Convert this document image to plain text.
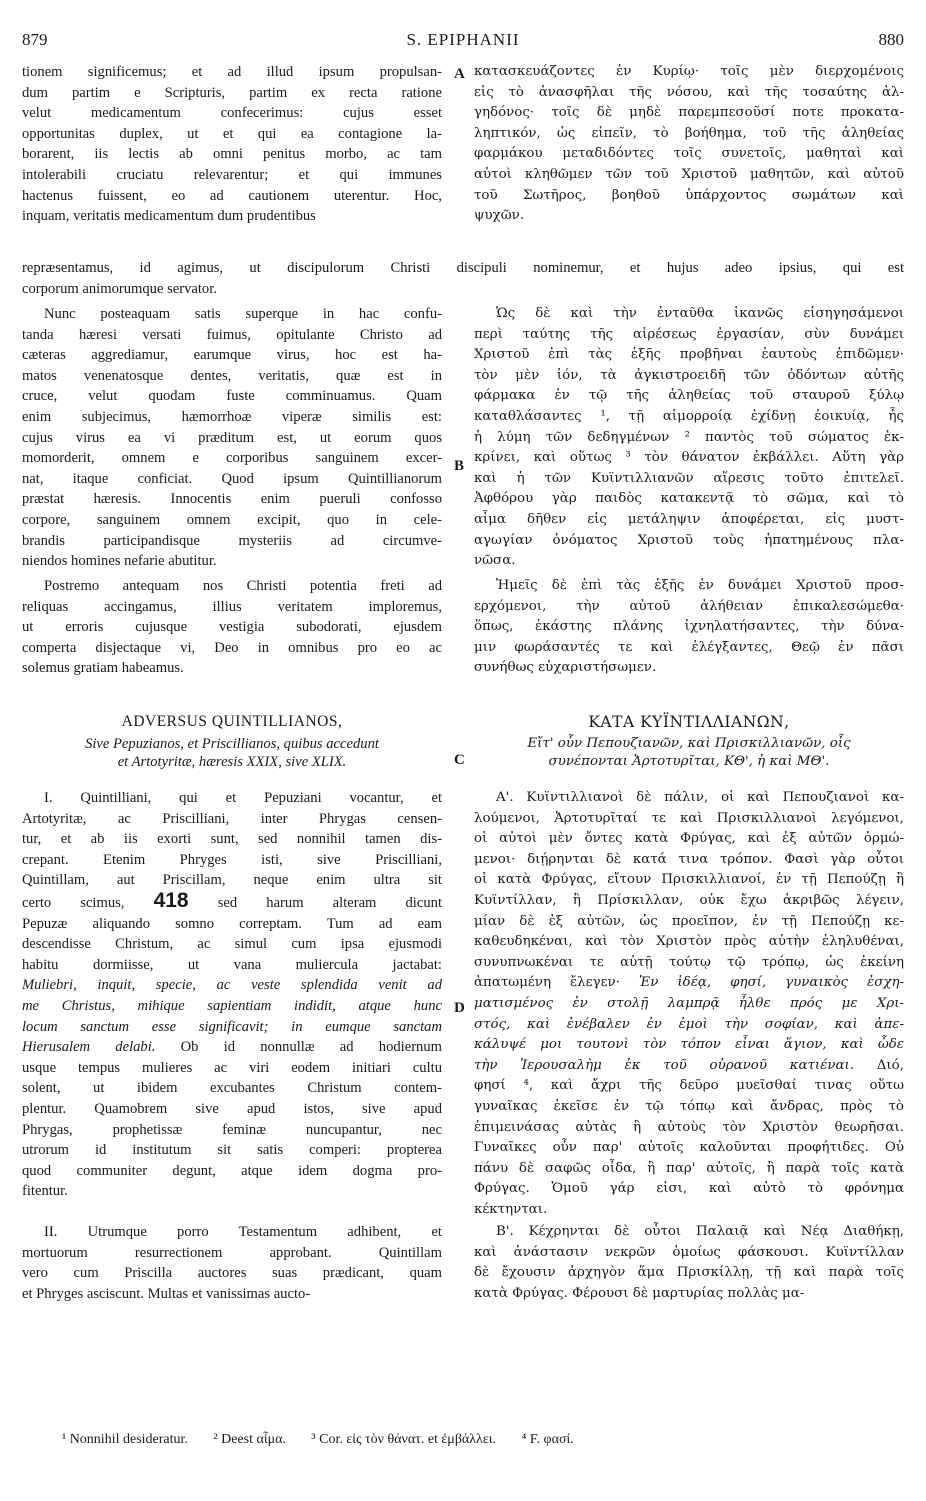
879	S. EPIPHANII	880
A
B
C
D
tionem significemus; et ad illud ipsum propulsan-
dum partim e Scripturis, partim ex recta ratione
velut medicamentum confecerimus: cujus esset
opportunitas duplex, ut et qui ea contagione la-
borarent, iis lectis ab omni penitus morbo, ac tam
intolerabili cruciatu relevarentur; et qui immunes
hactenus fuissent, eo ad cautionem uterentur. Hoc,
inquam, veritatis medicamentum dum prudentibus
κατασκευάζοντες ἐν Κυρίῳ· τοῖς μὲν διερχομένοις
εἰς τὸ ἀνασφῆλαι τῆς νόσου, καὶ τῆς τοσαύτης ἀλ-
γηδόνος· τοῖς δὲ μηδὲ παρεμπεσοῦσί ποτε προκατα-
ληπτικόν, ὡς εἰπεῖν, τὸ βοήθημα, τοῦ τῆς ἀληθείας
φαρμάκου μεταδιδόντες τοῖς συνετοῖς, μαθηταὶ καὶ
αὐτοὶ κληθῶμεν τῶν τοῦ Χριστοῦ μαθητῶν, καὶ αὐτοῦ
τοῦ Σωτῆρος, βοηθοῦ ὑπάρχοντος σωμάτων καὶ
ψυχῶν.
repræsentamus, id agimus, ut discipulorum Christi discipuli nominemur, et hujus adeo ipsius, qui est
corporum animorumque servator.
Nunc posteaquam satis superque in hac confu-
tanda hæresi versati fuimus, opitulante Christo ad
cæteras aggrediamur, earumque virus, hoc est ha-
matos venenatosque dentes, veritatis, quæ est in
cruce, velut quodam fuste comminuamus. Quam
enim subjecimus, hæmorrhoæ viperæ similis est:
cujus virus ea vi præditum est, ut eorum quos
momorderit, omnem e corporibus sanguinem excer-
nat, itaque conficiat. Quod ipsum Quintillianorum
præstat hæresis. Innocentis enim pueruli confosso
corpore, sanguinem omnem excipit, quo in cele-
brandis participandisque mysteriis ad circumve-
niendos homines nefarie abutitur.
Postremo antequam nos Christi potentia freti ad
reliquas accingamus, illius veritatem imploremus,
ut erroris cujusque vestigia subodorati, ejusdem
comperta disjectaque vi, Deo in omnibus pro eo ac
solemus gratiam habeamus.
Ὡς δὲ καὶ τὴν ἐνταῦθα ἱκανῶς εἰσηγησάμενοι
περὶ ταύτης τῆς αἱρέσεως ἐργασίαν, σὺν δυνάμει
Χριστοῦ ἐπὶ τὰς ἑξῆς προβῆναι ἑαυτοὺς ἐπιδῶμεν·
τὸν μὲν ἰόν, τὰ ἀγκιστροειδῆ τῶν ὀδόντων αὐτῆς
φάρμακα ἐν τῷ τῆς ἀληθείας τοῦ σταυροῦ ξύλῳ
καταθλάσαντες ¹, τῇ αἱμορροίᾳ ἐχίδνῃ ἐοικυίᾳ, ἧς
ἡ λύμη τῶν δεδηγμένων ² παντὸς τοῦ σώματος ἐκ-
κρίνει, καὶ οὕτως ³ τὸν θάνατον ἐκβάλλει. Αὕτη γὰρ
καὶ ἡ τῶν Κυϊντιλλιανῶν αἵρεσις τοῦτο ἐπιτελεῖ.
Ἀφθόρου γὰρ παιδὸς κατακεντᾷ τὸ σῶμα, καὶ τὸ
αἷμα δῆθεν εἰς μετάληψιν ἀποφέρεται, εἰς μυστ-
αγωγίαν ὀνόματος Χριστοῦ τοὺς ἠπατημένους πλα-
νῶσα.
Ἡμεῖς δὲ ἐπὶ τὰς ἑξῆς ἐν δυνάμει Χριστοῦ προσ-
ερχόμενοι, τὴν αὐτοῦ ἀλήθειαν ἐπικαλεσώμεθα·
ὅπως, ἑκάστης πλάνης ἰχνηλατήσαντες, τὴν δύνα-
μιν φωράσαντές τε καὶ ἐλέγξαντες, Θεῷ ἐν πᾶσι
συνήθως εὐχαριστήσωμεν.
ADVERSUS QUINTILLIANOS,
Sive Pepuzianos, et Priscillianos, quibus accedunt
et Artotyritæ, hæresis XXIX, sive XLIX.
ΚΑΤΑ ΚΥΪΝΤΙΛΛΙΑΝΩΝ,
Εἴτ' οὖν Πεπουζιανῶν, καὶ Πρισκιλλιανῶν, οἷς
συνέπονται Ἀρτοτυρῖται, ΚΘ', ἡ καὶ ΜΘ'.
I. Quintilliani, qui et Pepuziani vocantur, et
Artotyritæ, ac Priscilliani, inter Phrygas censen-
tur, et ab iis exorti sunt, sed nonnihil tamen dis-
crepant. Etenim Phryges isti, sive Priscilliani,
Quintillam, aut Priscillam, neque enim ultra sit
certo scimus, 418 sed harum alteram dicunt
Pepuzæ aliquando somno correptam. Tum ad eam
descendisse Christum, ac simul cum ipsa ejusmodi
habitu dormiisse, ut vana muliercula jactabat:
Muliebri, inquit, specie, ac veste splendida venit ad
me Christus, mihique sapientiam indidit, atque hunc
locum sanctum esse significavit; in eumque sanctam
Hierusalem delabi. Ob id nonnullæ ad hodiernum
usque tempus mulieres ac viri eodem initiari cultu
solent, ut ibidem excubantes Christum contem-
plentur. Quamobrem sive apud istos, sive apud
Phrygas, prophetissæ feminæ nuncupantur, nec
utrorum id institutum sit satis comperi: propterea
quod communiter degunt, atque idem dogma pro-
fitentur.
II. Utrumque porro Testamentum adhibent, et
mortuorum resurrectionem approbant. Quintillam
vero cum Priscilla auctores suas prædicant, quam
et Phryges asciscunt. Multas et vanissimas aucto-
Α'. Κυϊντιλλιανοὶ δὲ πάλιν, οἱ καὶ Πεπουζιανοὶ κα-
λούμενοι, Ἀρτοτυρῖταί τε καὶ Πρισκιλλιανοὶ λεγόμενοι,
οἱ αὐτοὶ μὲν ὄντες κατὰ Φρύγας, καὶ ἐξ αὐτῶν ὁρμώ-
μενοι· διῄρηνται δὲ κατά τινα τρόπον. Φασὶ γὰρ οὗτοι
οἱ κατὰ Φρύγας, εἴτουν Πρισκιλλιανοί, ἐν τῇ Πεπούζῃ ἢ
Κυϊντίλλαν, ἢ Πρίσκιλλαν, οὐκ ἔχω ἀκριβῶς λέγειν,
μίαν δὲ ἐξ αὐτῶν, ὡς προεῖπον, ἐν τῇ Πεπούζῃ κε-
καθευδηκέναι, καὶ τὸν Χριστὸν πρὸς αὐτὴν ἐληλυθέναι,
συνυπνωκέναι τε αὐτῇ τούτῳ τῷ τρόπῳ, ὡς ἐκείνη
ἀπατωμένη ἔλεγεν· Ἐν ἰδέᾳ, φησί, γυναικὸς ἐσχη-
ματισμένος ἐν στολῇ λαμπρᾷ ἦλθε πρός με Χρι-
στός, καὶ ἐνέβαλεν ἐν ἐμοὶ τὴν σοφίαν, καὶ ἀπε-
κάλυψέ μοι τουτονὶ τὸν τόπον εἶναι ἅγιον, καὶ ὧδε
τὴν Ἱερουσαλὴμ ἐκ τοῦ οὐρανοῦ κατιέναι. Διό,
φησί ⁴, καὶ ἄχρι τῆς δεῦρο μυεῖσθαί τινας οὕτω
γυναῖκας ἐκεῖσε ἐν τῷ τόπῳ καὶ ἄνδρας, πρὸς τὸ
ἐπιμεινάσας αὐτὰς ἢ αὐτοὺς τὸν Χριστὸν θεωρῆσαι.
Γυναῖκες οὖν παρ' αὐτοῖς καλοῦνται προφήτιδες. Οὐ
πάνυ δὲ σαφῶς οἶδα, ἢ παρ' αὐτοῖς, ἢ παρὰ τοῖς κατὰ
Φρύγας. Ὁμοῦ γάρ εἰσι, καὶ αὐτὸ τὸ φρόνημα
κέκτηνται.
Β'. Κέχρηνται δὲ οὗτοι Παλαιᾷ καὶ Νέᾳ Διαθήκῃ,
καὶ ἀνάστασιν νεκρῶν ὁμοίως φάσκουσι. Κυϊντίλλαν
δὲ ἔχουσιν ἀρχηγὸν ἅμα Πρισκίλλῃ, τῇ καὶ παρὰ τοῖς
κατὰ Φρύγας. Φέρουσι δὲ μαρτυρίας πολλὰς μα-
¹ Nonnihil desideratur. ² Deest αἷμα. ³ Cor. εἰς τὸν θάνατ. et ἐμβάλλει. ⁴ F. φασί.
